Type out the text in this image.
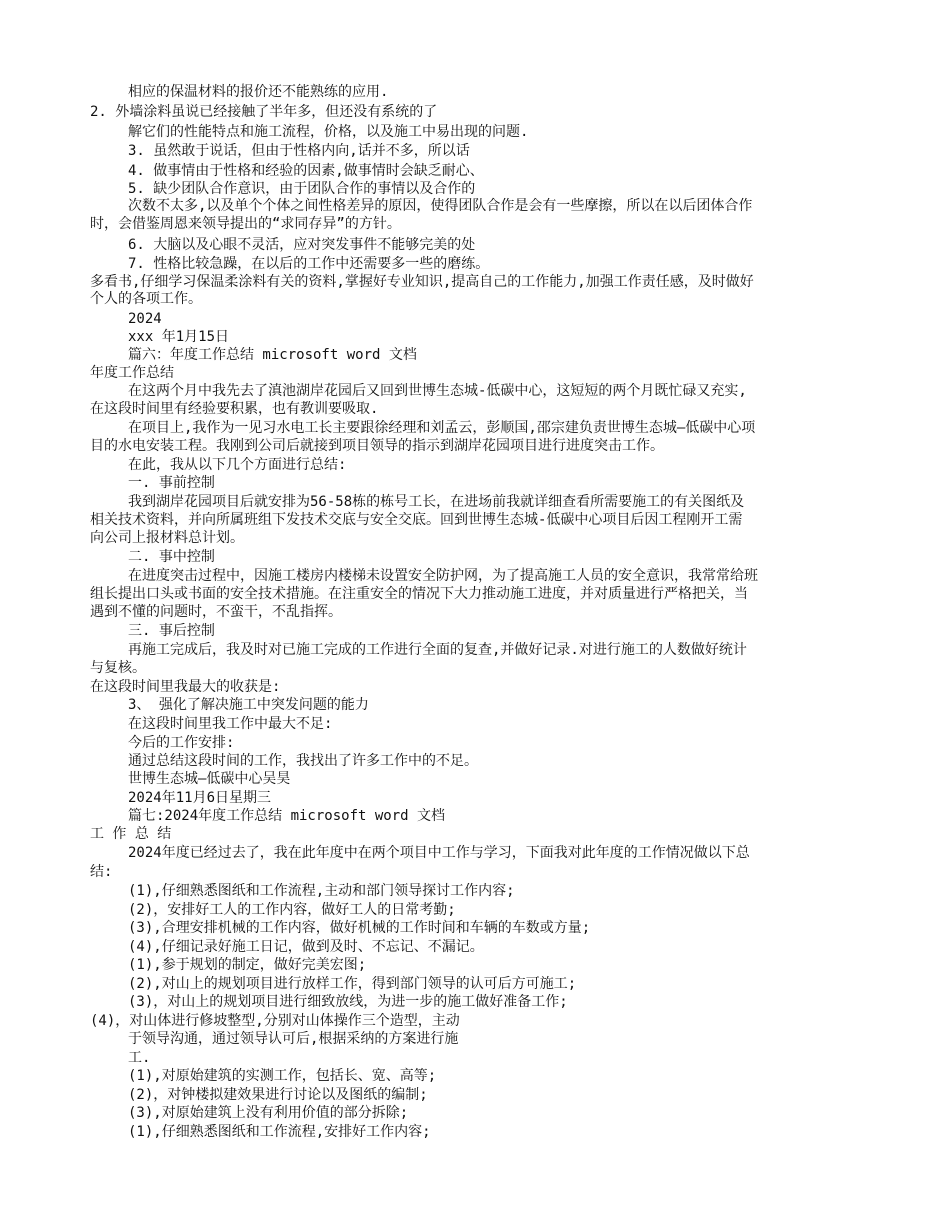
相应的保温材料的报价还不能熟练的应用.
2. 外墙涂料虽说已经接触了半年多，但还没有系统的了
解它们的性能特点和施工流程，价格，以及施工中易出现的问题.
3. 虽然敢于说话，但由于性格内向,话并不多，所以话
4. 做事情由于性格和经验的因素,做事情时会缺乏耐心、
5. 缺少团队合作意识，由于团队合作的事情以及合作的
次数不太多,以及单个个体之间性格差异的原因，使得团队合作是会有一些摩擦，所以在以后团体合作
时，会借鉴周恩来领导提出的“求同存异”的方针。
6. 大脑以及心眼不灵活，应对突发事件不能够完美的处
7. 性格比较急躁，在以后的工作中还需要多一些的磨练。
多看书,仔细学习保温柔涂料有关的资料,掌握好专业知识,提高自己的工作能力,加强工作责任感，及时做好
个人的各项工作。
2024
xxx 年1月15日
篇六：年度工作总结 microsoft word 文档
年度工作总结
在这两个月中我先去了滇池湖岸花园后又回到世博生态城-低碳中心，这短短的两个月既忙碌又充实,
在这段时间里有经验要积累，也有教训要吸取.
在项目上,我作为一见习水电工长主要跟徐经理和刘孟云，彭顺国,邵宗建负责世博生态城—低碳中心项
目的水电安装工程。我刚到公司后就接到项目领导的指示到湖岸花园项目进行进度突击工作。
在此，我从以下几个方面进行总结:
一. 事前控制
我到湖岸花园项目后就安排为56-58栋的栋号工长，在进场前我就详细查看所需要施工的有关图纸及
相关技术资料，并向所属班组下发技术交底与安全交底。回到世博生态城-低碳中心项目后因工程刚开工需
向公司上报材料总计划。
二. 事中控制
在进度突击过程中，因施工楼房内楼梯未设置安全防护网，为了提高施工人员的安全意识，我常常给班
组长提出口头或书面的安全技术措施。在注重安全的情况下大力推动施工进度，并对质量进行严格把关，当
遇到不懂的问题时，不蛮干，不乱指挥。
三. 事后控制
再施工完成后，我及时对已施工完成的工作进行全面的复查,并做好记录.对进行施工的人数做好统计
与复核。
在这段时间里我最大的收获是:
3、 强化了解决施工中突发问题的能力
在这段时间里我工作中最大不足:
今后的工作安排:
通过总结这段时间的工作，我找出了许多工作中的不足。
世博生态城—低碳中心吴昊
2024年11月6日星期三
篇七:2024年度工作总结 microsoft word 文档
工 作 总 结
2024年度已经过去了，我在此年度中在两个项目中工作与学习，下面我对此年度的工作情况做以下总
结:
(1),仔细熟悉图纸和工作流程,主动和部门领导探讨工作内容;
(2)，安排好工人的工作内容，做好工人的日常考勤;
(3),合理安排机械的工作内容，做好机械的工作时间和车辆的车数或方量;
(4),仔细记录好施工日记，做到及时、不忘记、不漏记。
(1),参于规划的制定，做好完美宏图;
(2),对山上的规划项目进行放样工作，得到部门领导的认可后方可施工;
(3)，对山上的规划项目进行细致放线，为进一步的施工做好准备工作;
(4)，对山体进行修坡整型,分别对山体操作三个造型，主动
于领导沟通，通过领导认可后,根据采纳的方案进行施
工.
(1),对原始建筑的实测工作，包括长、宽、高等;
(2)，对钟楼拟建效果进行讨论以及图纸的编制;
(3),对原始建筑上没有利用价值的部分拆除;
(1),仔细熟悉图纸和工作流程,安排好工作内容;
